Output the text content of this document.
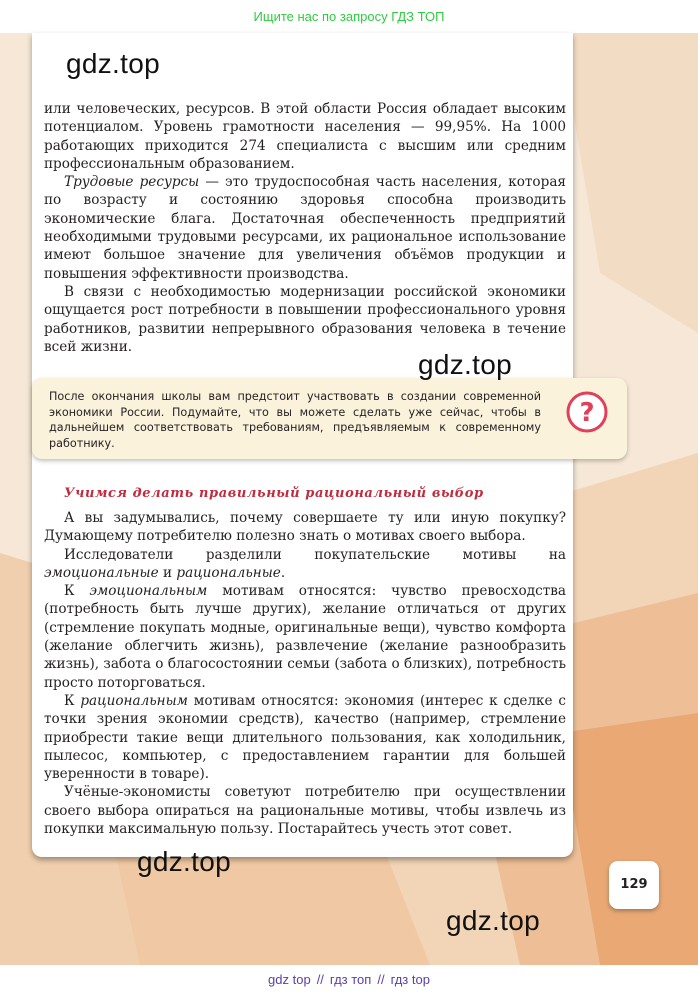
Ищите нас по запросу ГДЗ ТОП

или человеческих, ресурсов. В этой области Россия обладает высоким потенциалом. Уровень грамотности населения — 99,95%. На 1000 работающих приходится 274 специалиста с высшим или средним профессиональным образованием.

Трудовые ресурсы — это трудоспособная часть населения, которая по возрасту и состоянию здоровья способна производить экономические блага. Достаточная обеспеченность предприятий необходимыми трудовыми ресурсами, их рациональное использование имеют большое значение для увеличения объёмов продукции и повышения эффективности производства.

В связи с необходимостью модернизации российской экономики ощущается рост потребности в повышении профессионального уровня работников, развитии непрерывного образования человека в течение всей жизни.

После окончания школы вам предстоит участвовать в создании современной экономики России. Подумайте, что вы можете сделать уже сейчас, чтобы в дальнейшем соответствовать требованиям, предъявляемым к современному работнику.
?
Учимся делать правильный рациональный выбор

А вы задумывались, почему совершаете ту или иную покупку? Думающему потребителю полезно знать о мотивах своего выбора.

Исследователи разделили покупательские мотивы на эмоциональные и рациональные.

К эмоциональным мотивам относятся: чувство превосходства (потребность быть лучше других), желание отличаться от других (стремление покупать модные, оригинальные вещи), чувство комфорта (желание облегчить жизнь), развлечение (желание разнообразить жизнь), забота о благосостоянии семьи (забота о близких), потребность просто поторговаться.

К рациональным мотивам относятся: экономия (интерес к сделке с точки зрения экономии средств), качество (например, стремление приобрести такие вещи длительного пользования, как холодильник, пылесос, компьютер, с предоставлением гарантии для большей уверенности в товаре).

Учёные-экономисты советуют потребителю при осуществлении своего выбора опираться на рациональные мотивы, чтобы извлечь из покупки максимальную пользу. Постарайтесь учесть этот совет.

gdz.top
gdz.top
gdz.top
gdz.top
129
gdz top // гдз топ // гдз top
